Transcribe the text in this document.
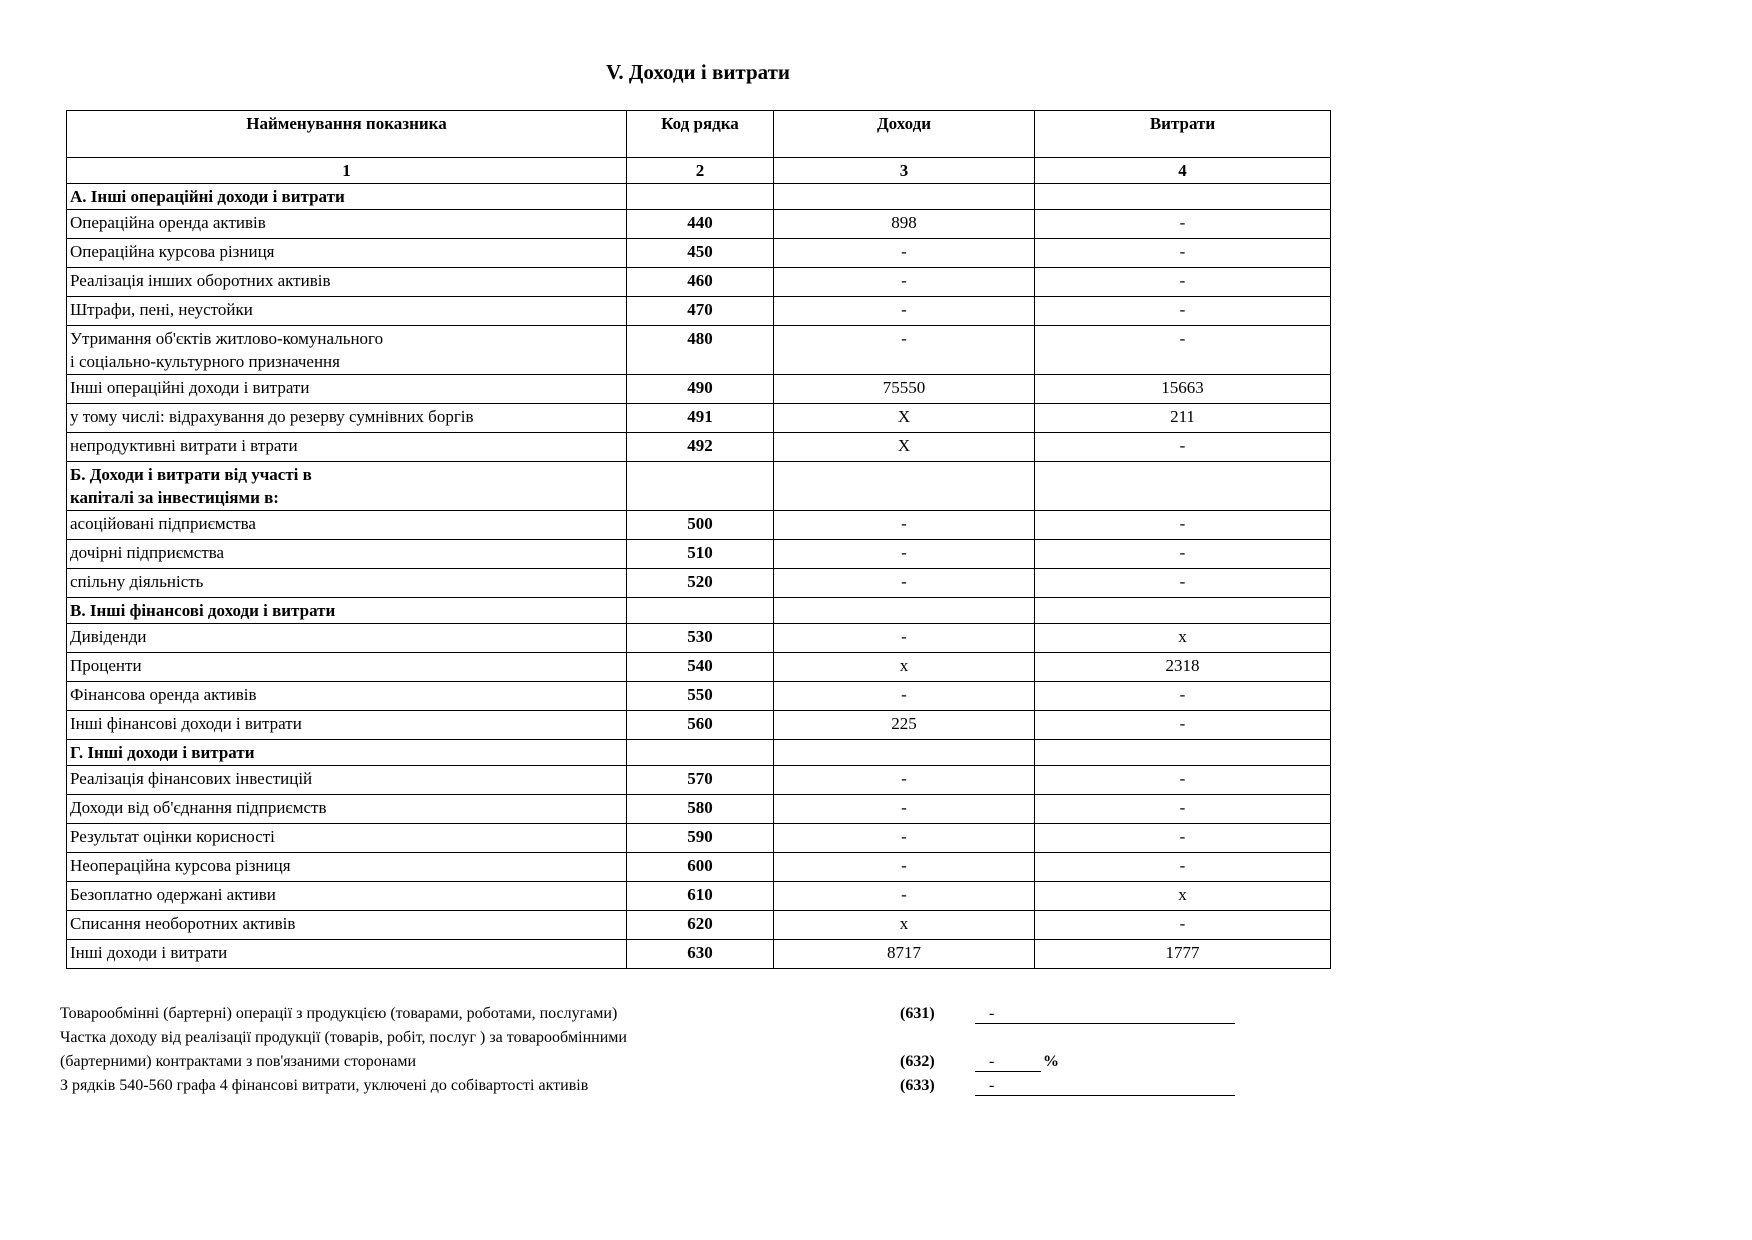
V. Доходи і витрати
Найменування показника	Код рядка	Доходи	Витрати
1	2	3	4
А. Інші операційні доходи і витрати			
Операційна оренда активів	440	898	-
Операційна курсова різниця	450	-	-
Реалізація інших оборотних активів	460	-	-
Штрафи, пені, неустойки	470	-	-
Утримання об'єктів житлово-комунального
і соціально-культурного призначення	480	-	-
Інші операційні доходи і витрати	490	75550	15663
у тому числі: відрахування до резерву сумнівних боргів	491	Х	211
непродуктивні витрати і втрати	492	Х	-
Б. Доходи і витрати від участі в
капіталі за інвестиціями в:			
асоційовані підприємства	500	-	-
дочірні підприємства	510	-	-
спільну діяльність	520	-	-
В. Інші фінансові доходи і витрати			
Дивіденди	530	-	х
Проценти	540	х	2318
Фінансова оренда активів	550	-	-
Інші фінансові доходи і витрати	560	225	-
Г. Інші доходи і витрати			
Реалізація фінансових інвестицій	570	-	-
Доходи від об'єднання підприємств	580	-	-
Результат оцінки корисності	590	-	-
Неопераційна курсова різниця	600	-	-
Безоплатно одержані активи	610	-	х
Списання необоротних активів	620	х	-
Інші доходи і витрати	630	8717	1777
Товарообмінні (бартерні) операції з продукцією (товарами, роботами, послугами)	(631)	-
Частка доходу від реалізації продукції (товарів, робіт, послуг ) за товарообмінними
(бартерними) контрактами з пов'язаними сторонами	(632)	-	%
З рядків 540-560 графа 4 фінансові витрати, уключені до собівартості активів	(633)	-
